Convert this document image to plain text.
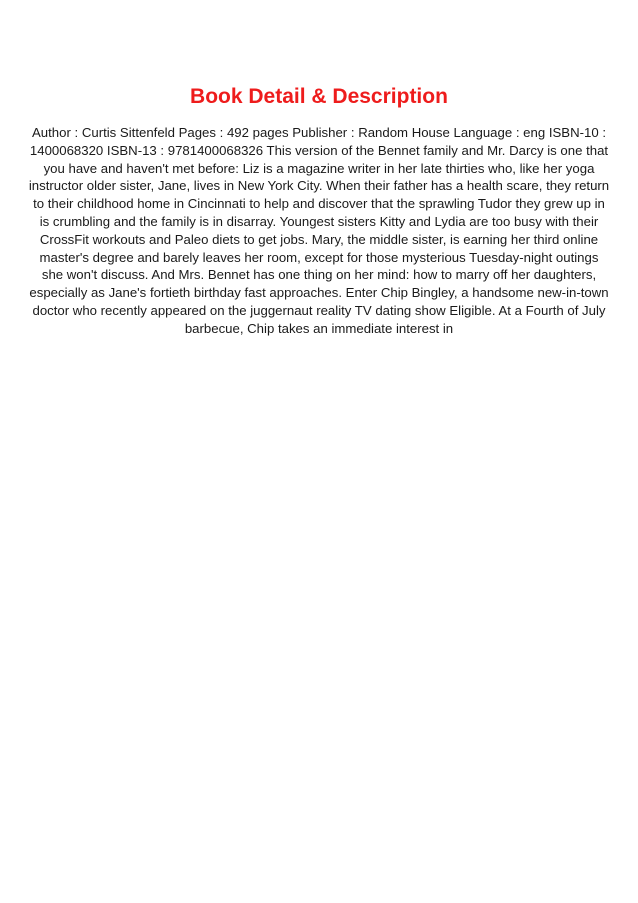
Book Detail & Description

Author : Curtis Sittenfeld Pages : 492 pages Publisher : Random House Language : eng ISBN-10 : 1400068320 ISBN-13 : 9781400068326 This version of the Bennet family and Mr. Darcy is one that you have and haven't met before: Liz is a magazine writer in her late thirties who, like her yoga instructor older sister, Jane, lives in New York City. When their father has a health scare, they return to their childhood home in Cincinnati to help and discover that the sprawling Tudor they grew up in is crumbling and the family is in disarray. Youngest sisters Kitty and Lydia are too busy with their CrossFit workouts and Paleo diets to get jobs. Mary, the middle sister, is earning her third online master's degree and barely leaves her room, except for those mysterious Tuesday-night outings she won't discuss. And Mrs. Bennet has one thing on her mind: how to marry off her daughters, especially as Jane's fortieth birthday fast approaches. Enter Chip Bingley, a handsome new-in-town doctor who recently appeared on the juggernaut reality TV dating show Eligible. At a Fourth of July barbecue, Chip takes an immediate interest in
